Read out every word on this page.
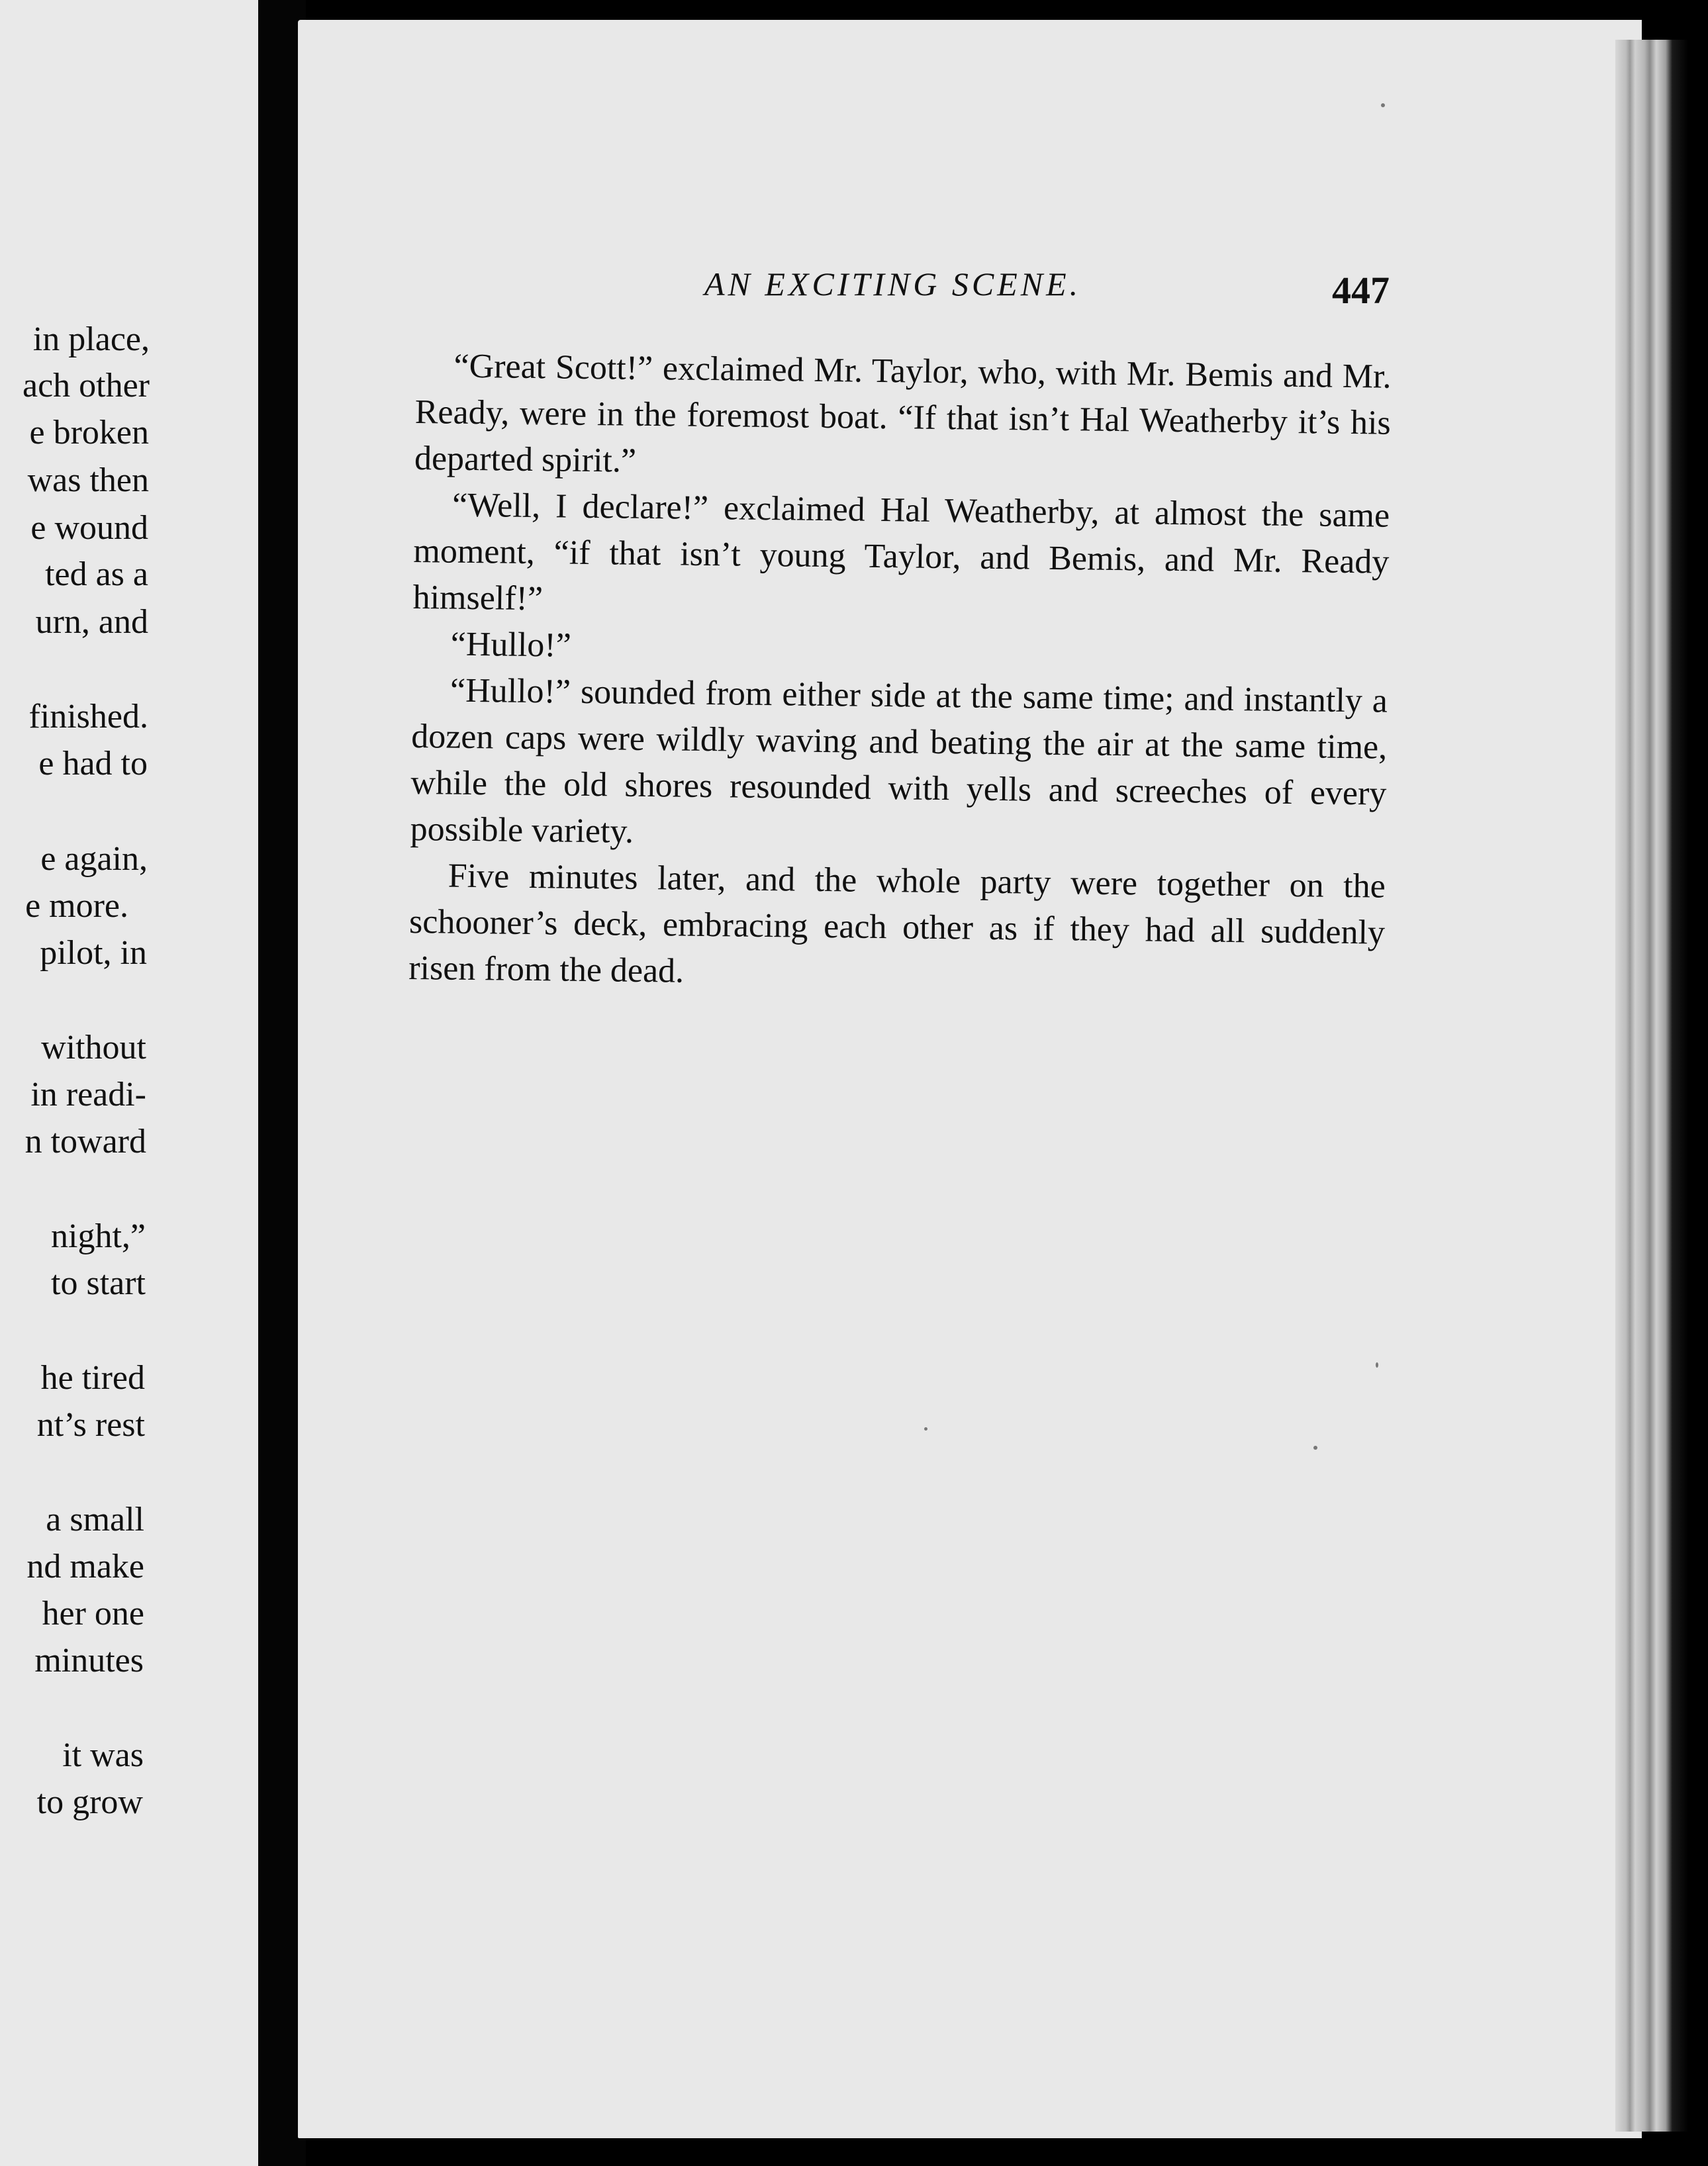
in place,
ach other
e broken
was then
e wound
ted as a
urn, and
finished.
e had to
e again,
e more.
pilot, in
without
in readi-
n toward
night,”
to start
he tired
nt’s rest
a small
nd make
her one
minutes
it was
to grow
AN EXCITING SCENE.	447

“Great Scott!” exclaimed Mr. Taylor, who, with Mr. Bemis and Mr. Ready, were in the foremost boat. “If that isn’t Hal Weatherby it’s his departed spirit.”

“Well, I declare!” exclaimed Hal Weatherby, at almost the same moment, “if that isn’t young Taylor, and Bemis, and Mr. Ready himself!”

“Hullo!”

“Hullo!” sounded from either side at the same time; and instantly a dozen caps were wildly waving and beating the air at the same time, while the old shores resounded with yells and screeches of every possible variety.

Five minutes later, and the whole party were together on the schooner’s deck, embracing each other as if they had all suddenly risen from the dead.
